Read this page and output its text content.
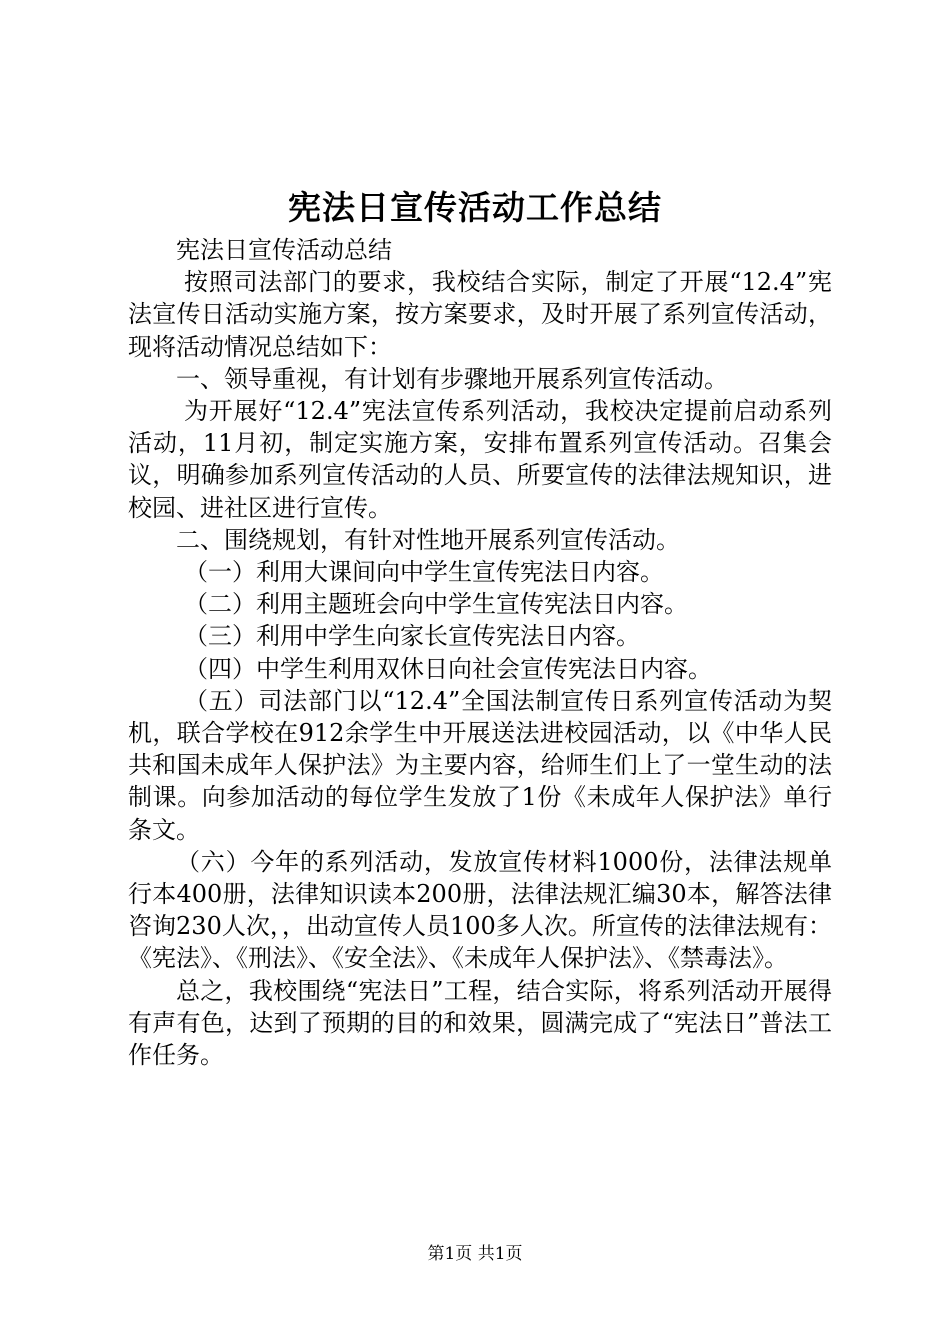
宪法日宣传活动工作总结

宪法日宣传活动总结

按照司法部门的要求，我校结合实际，制定了开展“12.4”宪法宣传日活动实施方案，按方案要求，及时开展了系列宣传活动，现将活动情况总结如下：

一、领导重视，有计划有步骤地开展系列宣传活动。

为开展好“12.4”宪法宣传系列活动，我校决定提前启动系列活动，11月初，制定实施方案，安排布置系列宣传活动。召集会议，明确参加系列宣传活动的人员、所要宣传的法律法规知识，进校园、进社区进行宣传。

二、围绕规划，有针对性地开展系列宣传活动。

（一）利用大课间向中学生宣传宪法日内容。

（二）利用主题班会向中学生宣传宪法日内容。

（三）利用中学生向家长宣传宪法日内容。

（四）中学生利用双休日向社会宣传宪法日内容。

（五）司法部门以“12.4”全国法制宣传日系列宣传活动为契机，联合学校在912余学生中开展送法进校园活动，以《中华人民共和国未成年人保护法》为主要内容，给师生们上了一堂生动的法制课。向参加活动的每位学生发放了1份《未成年人保护法》单行条文。

（六）今年的系列活动，发放宣传材料1000份，法律法规单行本400册，法律知识读本200册，法律法规汇编30本，解答法律咨询230人次，，出动宣传人员100多人次。所宣传的法律法规有：《宪法》、《刑法》、《安全法》、《未成年人保护法》、《禁毒法》。

总之，我校围绕“宪法日”工程，结合实际，将系列活动开展得有声有色，达到了预期的目的和效果，圆满完成了“宪法日”普法工作任务。

第1页 共1页
